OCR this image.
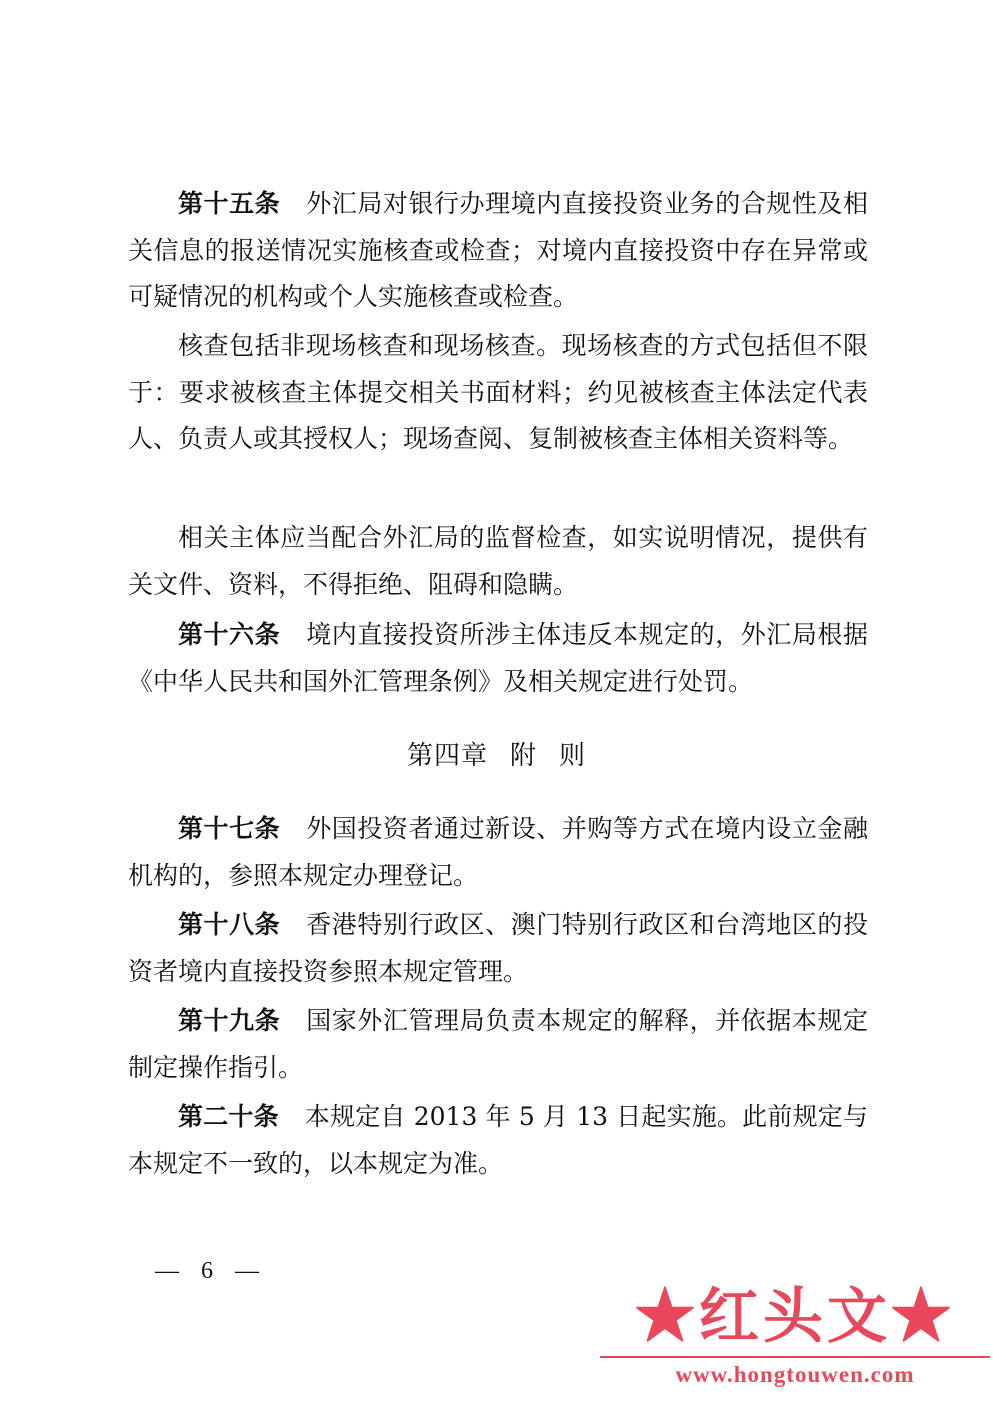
第十五条 外汇局对银行办理境内直接投资业务的合规性及相关信息的报送情况实施核查或检查；对境内直接投资中存在异常或可疑情况的机构或个人实施核查或检查。

核查包括非现场核查和现场核查。现场核查的方式包括但不限于：要求被核查主体提交相关书面材料；约见被核查主体法定代表人、负责人或其授权人；现场查阅、复制被核查主体相关资料等。

相关主体应当配合外汇局的监督检查，如实说明情况，提供有关文件、资料，不得拒绝、阻碍和隐瞒。

第十六条 境内直接投资所涉主体违反本规定的，外汇局根据《中华人民共和国外汇管理条例》及相关规定进行处罚。

第四章 附 则

第十七条 外国投资者通过新设、并购等方式在境内设立金融机构的，参照本规定办理登记。

第十八条 香港特别行政区、澳门特别行政区和台湾地区的投资者境内直接投资参照本规定管理。

第十九条 国家外汇管理局负责本规定的解释，并依据本规定制定操作指引。

第二十条 本规定自 2013 年 5 月 13 日起实施。此前规定与本规定不一致的，以本规定为准。

— 6 —
★红头文★
www.hongtouwen.com
